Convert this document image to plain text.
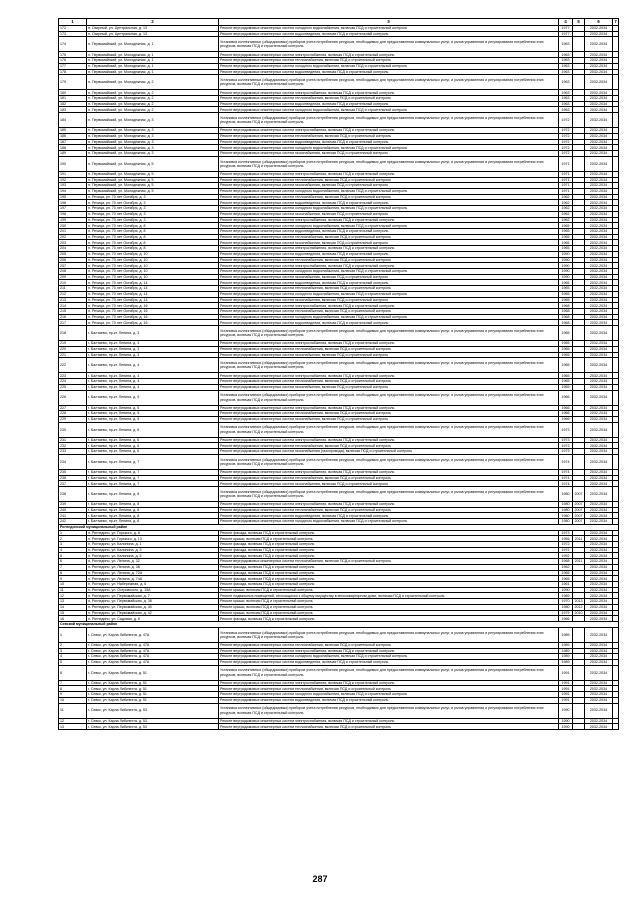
1	2	3	4	5	6	7
172	п. Озерный, ул. Центральная, д. 13	Ремонт внутридомовых инженерных систем холодного водоснабжения, включая ПСД и строительный контроль	1977		2032-2034	
173	п. Озерный, ул. Центральная, д. 13	Ремонт внутридомовых инженерных систем водоотведения, включая ПСД и строительный контроль	1977		2032-2034	
174	п. Первомайский, ул. Молодежная, д. 1	Установка коллективных (общедомовых) приборов учета потребления ресурсов, необходимых для предоставления коммунальных услуг, и узлов управления и регулирования потребления этих ресурсов, включая ПСД и строительный контроль	1963		2032-2034	
175	п. Первомайский, ул. Молодежная, д. 1	Ремонт внутридомовых инженерных систем электроснабжения, включая ПСД и строительный контроль	1963		2032-2034	
176	п. Первомайский, ул. Молодежная, д. 1	Ремонт внутридомовых инженерных систем теплоснабжения, включая ПСД и строительный контроль	1963		2032-2034	
177	п. Первомайский, ул. Молодежная, д. 1	Ремонт внутридомовых инженерных систем холодного водоснабжения, включая ПСД и строительный контроль	1963		2032-2034	
178	п. Первомайский, ул. Молодежная, д. 1	Ремонт внутридомовых инженерных систем водоотведения, включая ПСД и строительный контроль	1963		2032-2034	
179	п. Первомайский, ул. Молодежная, д. 2	Установка коллективных (общедомовых) приборов учета потребления ресурсов, необходимых для предоставления коммунальных услуг, и узлов управления и регулирования потребления этих ресурсов, включая ПСД и строительный контроль	1963		2032-2034	
180	п. Первомайский, ул. Молодежная, д. 2	Ремонт внутридомовых инженерных систем электроснабжения, включая ПСД и строительный контроль	1963		2032-2034	
181	п. Первомайский, ул. Молодежная, д. 2	Ремонт внутридомовых инженерных систем теплоснабжения, включая ПСД и строительный контроль	1963		2032-2034	
182	п. Первомайский, ул. Молодежная, д. 2	Ремонт внутридомовых инженерных систем водоотведения, включая ПСД и строительный контроль	1963		2032-2034	
183	п. Первомайский, ул. Молодежная, д. 2	Ремонт внутридомовых инженерных систем холодного водоснабжения, включая ПСД и строительный контроль	1963		2032-2034	
184	п. Первомайский, ул. Молодежная, д. 3	Установка коллективных (общедомовых) приборов учета потребления ресурсов, необходимых для предоставления коммунальных услуг, и узлов управления и регулирования потребления этих ресурсов, включая ПСД и строительный контроль	1972		2032-2034	
185	п. Первомайский, ул. Молодежная, д. 3	Ремонт внутридомовых инженерных систем электроснабжения, включая ПСД и строительный контроль	1972		2032-2034	
186	п. Первомайский, ул. Молодежная, д. 3	Ремонт внутридомовых инженерных систем теплоснабжения, включая ПСД и строительный контроль	1972		2032-2034	
187	п. Первомайский, ул. Молодежная, д. 3	Ремонт внутридомовых инженерных систем водоотведения, включая ПСД и строительный контроль	1972		2032-2034	
188	п. Первомайский, ул. Молодежная, д. 3	Ремонт внутридомовых инженерных систем холодного водоснабжения, включая ПСД и строительный контроль	1972		2032-2034	
189	п. Первомайский, ул. Молодежная, д. 3	Ремонт внутридомовых инженерных систем газоснабжения, включая ПСД и строительный контроль	1972		2032-2034	
190	п. Первомайский, ул. Молодежная, д. 5	Установка коллективных (общедомовых) приборов учета потребления ресурсов, необходимых для предоставления коммунальных услуг, и узлов управления и регулирования потребления этих ресурсов, включая ПСД и строительный контроль	1971		2032-2034	
191	п. Первомайский, ул. Молодежная, д. 5	Ремонт внутридомовых инженерных систем электроснабжения, включая ПСД и строительный контроль	1971		2032-2034	
192	п. Первомайский, ул. Молодежная, д. 5	Ремонт внутридомовых инженерных систем теплоснабжения, включая ПСД и строительный контроль	1971		2032-2034	
193	п. Первомайский, ул. Молодежная, д. 5	Ремонт внутридомовых инженерных систем газоснабжения, включая ПСД и строительный контроль	1971		2032-2034	
194	п. Первомайский, ул. Молодежная, д. 5	Ремонт внутридомовых инженерных систем холодного водоснабжения, включая ПСД и строительный контроль	1971		2032-2034	
195	п. Речица, ул. 70 лет Октября, д. 3	Ремонт внутридомовых инженерных систем теплоснабжения, включая ПСД и строительный контроль	1962		2032-2034	
196	п. Речица, ул. 70 лет Октября, д. 3	Ремонт внутридомовых инженерных систем водоотведения, включая ПСД и строительный контроль	1962		2032-2034	
197	п. Речица, ул. 70 лет Октября, д. 3	Ремонт внутридомовых инженерных систем холодного водоснабжения, включая ПСД и строительный контроль	1962		2032-2034	
198	п. Речица, ул. 70 лет Октября, д. 3	Ремонт внутридомовых инженерных систем газоснабжения, включая ПСД и строительный контроль	1962		2032-2034	
199	п. Речица, ул. 70 лет Октября, д. 3	Ремонт внутридомовых инженерных систем электроснабжения, включая ПСД и строительный контроль	1962		2032-2034	
200	п. Речица, ул. 70 лет Октября, д. 8	Ремонт внутридомовых инженерных систем холодного водоснабжения, включая ПСД и строительный контроль	1965		2032-2034	
201	п. Речица, ул. 70 лет Октября, д. 8	Ремонт внутридомовых инженерных систем водоотведения, включая ПСД и строительный контроль	1965		2032-2034	
202	п. Речица, ул. 70 лет Октября, д. 8	Ремонт внутридомовых инженерных систем теплоснабжения, включая ПСД и строительный контроль	1965		2032-2034	
203	п. Речица, ул. 70 лет Октября, д. 8	Ремонт внутридомовых инженерных систем газоснабжения, включая ПСД и строительный контроль	1965		2032-2034	
204	п. Речица, ул. 70 лет Октября, д. 8	Ремонт внутридомовых инженерных систем электроснабжения, включая ПСД и строительный контроль	1965		2032-2034	
205	п. Речица, ул. 70 лет Октября, д. 10	Ремонт внутридомовых инженерных систем водоотведения, включая ПСД и строительный контроль	1990		2032-2034	
206	п. Речица, ул. 70 лет Октября, д. 10	Ремонт внутридомовых инженерных систем теплоснабжения, включая ПСД и строительный контроль	1990		2032-2034	
207	п. Речица, ул. 70 лет Октября, д. 10	Ремонт внутридомовых инженерных систем электроснабжения, включая ПСД и строительный контроль	1990		2032-2034	
208	п. Речица, ул. 70 лет Октября, д. 10	Ремонт внутридомовых инженерных систем холодного водоснабжения, включая ПСД и строительный контроль	1990		2032-2034	
209	п. Речица, ул. 70 лет Октября, д. 10	Ремонт внутридомовых инженерных систем газоснабжения, включая ПСД и строительный контроль	1990		2032-2034	
210	п. Речица, ул. 70 лет Октября, д. 14	Ремонт внутридомовых инженерных систем водоотведения, включая ПСД и строительный контроль	1965		2032-2034	
211	п. Речица, ул. 70 лет Октября, д. 14	Ремонт внутридомовых инженерных систем теплоснабжения, включая ПСД и строительный контроль	1965		2032-2034	
212	п. Речица, ул. 70 лет Октября, д. 14	Ремонт внутридомовых инженерных систем холодного водоснабжения, включая ПСД и строительный контроль	1965		2032-2034	
213	п. Речица, ул. 70 лет Октября, д. 14	Ремонт внутридомовых инженерных систем газоснабжения, включая ПСД и строительный контроль	1965		2032-2034	
214	п. Речица, ул. 70 лет Октября, д. 16	Ремонт внутридомовых инженерных систем электроснабжения, включая ПСД и строительный контроль	1968		2032-2034	
215	п. Речица, ул. 70 лет Октября, д. 16	Ремонт внутридомовых инженерных систем теплоснабжения, включая ПСД и строительный контроль	1968		2032-2034	
216	п. Речица, ул. 70 лет Октября, д. 16	Ремонт внутридомовых инженерных систем холодного водоснабжения, включая ПСД и строительный контроль	1968		2032-2034	
217	п. Речица, ул. 70 лет Октября, д. 16	Ремонт внутридомовых инженерных систем водоотведения, включая ПСД и строительный контроль	1968		2032-2034	
218	г. Балтаево, пр-кт. Ленина, д. 3	Установка коллективных (общедомовых) приборов учета потребления ресурсов, необходимых для предоставления коммунальных услуг, и узлов управления и регулирования потребления этих ресурсов, включая ПСД и строительный контроль	1965		2032-2034	
219	г. Балтаево, пр-кт. Ленина, д. 3	Ремонт внутридомовых инженерных систем электроснабжения, включая ПСД и строительный контроль	1965		2032-2034	
220	г. Балтаево, пр-кт. Ленина, д. 3	Ремонт внутридомовых инженерных систем теплоснабжения, включая ПСД и строительный контроль	1965		2032-2034	
221	г. Балтаево, пр-кт. Ленина, д. 3	Ремонт внутридомовых инженерных систем газоснабжения, включая ПСД и строительный контроль	1965		2032-2034	
222	г. Балтаево, пр-кт. Ленина, д. 4	Установка коллективных (общедомовых) приборов учета потребления ресурсов, необходимых для предоставления коммунальных услуг, и узлов управления и регулирования потребления этих ресурсов, включая ПСД и строительный контроль	1965		2032-2034	
223	г. Балтаево, пр-кт. Ленина, д. 4	Ремонт внутридомовых инженерных систем электроснабжения, включая ПСД и строительный контроль	1965		2032-2034	
224	г. Балтаево, пр-кт. Ленина, д. 4	Ремонт внутридомовых инженерных систем теплоснабжения, включая ПСД и строительный контроль	1965		2032-2034	
225	г. Балтаево, пр-кт. Ленина, д. 4	Ремонт внутридомовых инженерных систем газоснабжения, включая ПСД и строительный контроль	1965		2032-2034	
226	г. Балтаево, пр-кт. Ленина, д. 5	Установка коллективных (общедомовых) приборов учета потребления ресурсов, необходимых для предоставления коммунальных услуг, и узлов управления и регулирования потребления этих ресурсов, включая ПСД и строительный контроль	1966		2032-2034	
227	г. Балтаево, пр-кт. Ленина, д. 5	Ремонт внутридомовых инженерных систем электроснабжения, включая ПСД и строительный контроль	1966		2032-2034	
228	г. Балтаево, пр-кт. Ленина, д. 5	Ремонт внутридомовых инженерных систем теплоснабжения, включая ПСД и строительный контроль	1966		2032-2034	
229	г. Балтаево, пр-кт. Ленина, д. 5	Ремонт внутридомовых инженерных систем газоснабжения, включая ПСД и строительный контроль	1966		2032-2034	
230	г. Балтаево, пр-кт. Ленина, д. 6	Установка коллективных (общедомовых) приборов учета потребления ресурсов, необходимых для предоставления коммунальных услуг, и узлов управления и регулирования потребления этих ресурсов, включая ПСД и строительный контроль	1973		2032-2034	
231	г. Балтаево, пр-кт. Ленина, д. 6	Ремонт внутридомовых инженерных систем электроснабжения, включая ПСД и строительный контроль	1973		2032-2034	
232	г. Балтаево, пр-кт. Ленина, д. 6	Ремонт внутридомовых инженерных систем теплоснабжения, включая ПСД и строительный контроль	1973		2032-2034	
233	г. Балтаево, пр-кт. Ленина, д. 6	Ремонт внутридомовых инженерных систем газоснабжения (газопровода), включая ПСД и строительный контроль	1973		2032-2034	
234	г. Балтаево, пр-кт. Ленина, д. 7	Установка коллективных (общедомовых) приборов учета потребления ресурсов, необходимых для предоставления коммунальных услуг, и узлов управления и регулирования потребления этих ресурсов, включая ПСД и строительный контроль	1974		2032-2034	
235	г. Балтаево, пр-кт. Ленина, д. 7	Ремонт внутридомовых инженерных систем электроснабжения, включая ПСД и строительный контроль	1974		2032-2034	
236	г. Балтаево, пр-кт. Ленина, д. 7	Ремонт внутридомовых инженерных систем теплоснабжения, включая ПСД и строительный контроль	1974		2032-2034	
237	г. Балтаево, пр-кт. Ленина, д. 7	Ремонт внутридомовых инженерных систем газоснабжения, включая ПСД и строительный контроль	1974		2032-2034	
238	г. Балтаево, пр-кт. Ленина, д. 8	Установка коллективных (общедомовых) приборов учета потребления ресурсов, необходимых для предоставления коммунальных услуг, и узлов управления и регулирования потребления этих ресурсов, включая ПСД и строительный контроль	1980	2007	2032-2034	
239	г. Балтаево, пр-кт. Ленина, д. 8	Ремонт внутридомовых инженерных систем электроснабжения, включая ПСД и строительный контроль	1980	2007	2032-2034	
240	г. Балтаево, пр-кт. Ленина, д. 8	Ремонт внутридомовых инженерных систем теплоснабжения, включая ПСД и строительный контроль	1980	2007	2032-2034	
241	г. Балтаево, пр-кт. Ленина, д. 8	Ремонт внутридомовых инженерных систем водоотведения, включая ПСД и строительный контроль	1980	2007	2032-2034	
242	г. Балтаево, пр-кт. Ленина, д. 8	Ремонт внутридомовых инженерных систем холодного водоснабжения, включая ПСД и строительный контроль	1980	2007	2032-2034	
Рогнединский муниципальный район						
1	п. Рогнедино, ул. Горького, д. 8	Ремонт фасада, включая ПСД и строительный контроль	1973		2032-2034	
2	п. Рогнедино, ул. Горького, д. 13	Ремонт крыши, включая ПСД и строительный контроль	1955	2011	2032-2034	
3	п. Рогнедино, ул. Калинина, д. 1	Ремонт фасада, включая ПСД и строительный контроль	1972		2032-2034	
4	п. Рогнедино, ул. Калинина, д. 3	Ремонт фасада, включая ПСД и строительный контроль	1972		2032-2034	
5	п. Рогнедино, ул. Калинина, д. 5	Ремонт фасада, включая ПСД и строительный контроль	1952		2032-2034	
6	п. Рогнедино, ул. Ленина, д. 32	Ремонт внутридомовых инженерных систем теплоснабжения, включая ПСД и строительный контроль	1968	2011	2032-2034	
7	п. Рогнедино, ул. Ленина, д. 38	Ремонт фасада, включая ПСД и строительный контроль	1962		2032-2034	
8	п. Рогнедино, ул. Ленина, д. 72А	Ремонт фасада, включая ПСД и строительный контроль	1965		2032-2034	
9	п. Рогнедино, ул. Ленина, д. 74А	Ремонт фасада, включая ПСД и строительный контроль	1965		2032-2034	
10	п. Рогнедино, ул. Набережная, д. 6	Ремонт фасада, включая ПСД и строительный контроль	1961		2032-2034	
11	п. Рогнедино, ул. Островского, д. 15А	Ремонт крыши, включая ПСД и строительный контроль	1990		2032-2034	
12	п. Рогнедино, ул. Первомайская, д. 7	Ремонт подвальных помещений, относящихся к общему имуществу в многоквартирном доме, включая ПСД и строительный контроль	1989		2032-2034	
13	п. Рогнедино, ул. Первомайская, д. 38	Ремонт крыши, включая ПСД и строительный контроль	1970	2013	2032-2034	
14	п. Рогнедино, ул. Первомайская, д. 40	Ремонт крыши, включая ПСД и строительный контроль	1980	2012	2032-2034	
15	п. Рогнедино, ул. Первомайская, д. 42	Ремонт крыши, включая ПСД и строительный контроль	1979	2010	2032-2034	
16	п. Рогнедино, ул. Садовая, д. 8	Ремонт фасада, включая ПСД и строительный контроль	1966		2032-2034	
Севский муниципальный район						
1	г. Севск, ул. Карла Либкнехта, д. 47А	Установка коллективных (общедомовых) приборов учета потребления ресурсов, необходимых для предоставления коммунальных услуг, и узлов управления и регулирования потребления этих ресурсов, включая ПСД и строительный контроль	1989		2032-2034	
2	г. Севск, ул. Карла Либкнехта, д. 47А	Ремонт внутридомовых инженерных систем теплоснабжения, включая ПСД и строительный контроль	1989		2032-2034	
3	г. Севск, ул. Карла Либкнехта, д. 47А	Ремонт внутридомовых инженерных систем электроснабжения, включая ПСД и строительный контроль	1989		2032-2034	
4	г. Севск, ул. Карла Либкнехта, д. 47А	Ремонт внутридомовых инженерных систем холодного водоснабжения, включая ПСД и строительный контроль	1989		2032-2034	
5	г. Севск, ул. Карла Либкнехта, д. 47А	Ремонт внутридомовых инженерных систем водоотведения, включая ПСД и строительный контроль	1989		2032-2034	
6	г. Севск, ул. Карла Либкнехта, д. 51	Установка коллективных (общедомовых) приборов учета потребления ресурсов, необходимых для предоставления коммунальных услуг, и узлов управления и регулирования потребления этих ресурсов, включая ПСД и строительный контроль	1991		2032-2034	
7	г. Севск, ул. Карла Либкнехта, д. 51	Ремонт внутридомовых инженерных систем электроснабжения, включая ПСД и строительный контроль	1991		2032-2034	
8	г. Севск, ул. Карла Либкнехта, д. 51	Ремонт внутридомовых инженерных систем теплоснабжения, включая ПСД и строительный контроль	1991		2032-2034	
9	г. Севск, ул. Карла Либкнехта, д. 51	Ремонт внутридомовых инженерных систем холодного водоснабжения, включая ПСД и строительный контроль	1991		2032-2034	
10	г. Севск, ул. Карла Либкнехта, д. 51	Ремонт внутридомовых инженерных систем водоотведения, включая ПСД и строительный контроль	1991		2032-2034	
11	г. Севск, ул. Карла Либкнехта, д. 53	Установка коллективных (общедомовых) приборов учета потребления ресурсов, необходимых для предоставления коммунальных услуг, и узлов управления и регулирования потребления этих ресурсов, включая ПСД и строительный контроль	1990		2032-2034	
12	г. Севск, ул. Карла Либкнехта, д. 53	Ремонт внутридомовых инженерных систем электроснабжения, включая ПСД и строительный контроль	1990		2032-2034	
13	г. Севск, ул. Карла Либкнехта, д. 53	Ремонт внутридомовых инженерных систем теплоснабжения, включая ПСД и строительный контроль	1990		2032-2034	
287
